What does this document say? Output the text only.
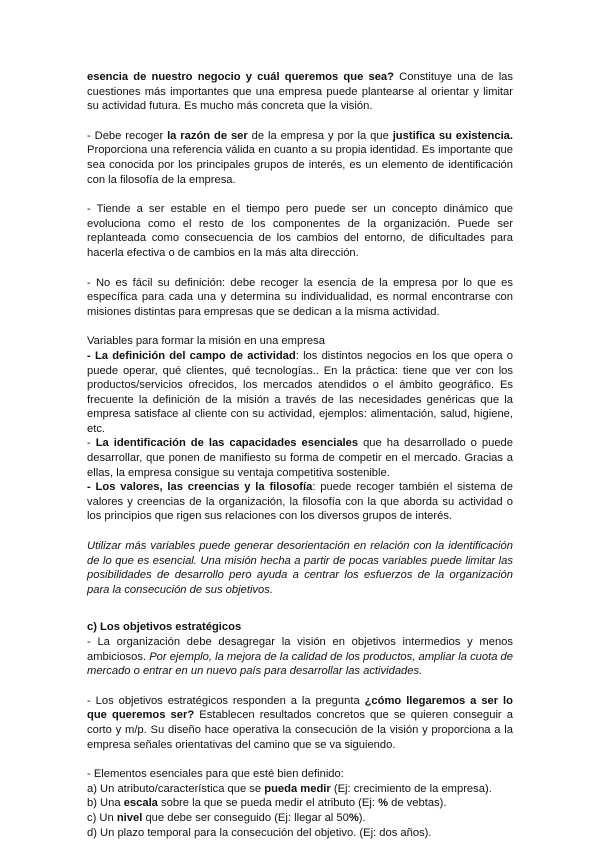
esencia de nuestro negocio y cuál queremos que sea? Constituye una de las cuestiones más importantes que una empresa puede plantearse al orientar y limitar su actividad futura. Es mucho más concreta que la visión.

- Debe recoger la razón de ser de la empresa y por la que justifica su existencia. Proporciona una referencia válida en cuanto a su propia identidad. Es importante que sea conocida por los principales grupos de interés, es un elemento de identificación con la filosofía de la empresa.

- Tiende a ser estable en el tiempo pero puede ser un concepto dinámico que evoluciona como el resto de los componentes de la organización. Puede ser replanteada como consecuencia de los cambios del entorno, de dificultades para hacerla efectiva o de cambios en la más alta dirección.

- No es fácil su definición: debe recoger la esencia de la empresa por lo que es específica para cada una y determina su individualidad, es normal encontrarse con misiones distintas para empresas que se dedican a la misma actividad.

Variables para formar la misión en una empresa

- La definición del campo de actividad: los distintos negocios en los que opera o puede operar, qué clientes, qué tecnologías.. En la práctica: tiene que ver con los productos/servicios ofrecidos, los mercados atendidos o el ámbito geográfico. Es frecuente la definición de la misión a través de las necesidades genéricas que la empresa satisface al cliente con su actividad, ejemplos: alimentación, salud, higiene, etc.

- La identificación de las capacidades esenciales que ha desarrollado o puede desarrollar, que ponen de manifiesto su forma de competir en el mercado. Gracias a ellas, la empresa consigue su ventaja competitiva sostenible.

- Los valores, las creencias y la filosofía: puede recoger también el sistema de valores y creencias de la organización, la filosofía con la que aborda su actividad o los principios que rigen sus relaciones con los diversos grupos de interés.

Utilizar más variables puede generar desorientación en relación con la identificación de lo que es esencial. Una misión hecha a partir de pocas variables puede limitar las posibilidades de desarrollo pero ayuda a centrar los esfuerzos de la organización para la consecución de sus objetivos.

c) Los objetivos estratégicos

- La organización debe desagregar la visión en objetivos intermedios y menos ambiciosos. Por ejemplo, la mejora de la calidad de los productos, ampliar la cuota de mercado o entrar en un nuevo país para desarrollar las actividades.

- Los objetivos estratégicos responden a la pregunta ¿cómo llegaremos a ser lo que queremos ser? Establecen resultados concretos que se quieren conseguir a corto y m/p. Su diseño hace operativa la consecución de la visión y proporciona a la empresa señales orientativas del camino que se va siguiendo.

- Elementos esenciales para que esté bien definido:

a) Un atributo/característica que se pueda medir (Ej: crecimiento de la empresa).

b) Una escala sobre la que se pueda medir el atributo (Ej: % de vebtas).

c) Un nivel que debe ser conseguido (Ej: llegar al 50%).

d) Un plazo temporal para la consecución del objetivo. (Ej: dos años).
